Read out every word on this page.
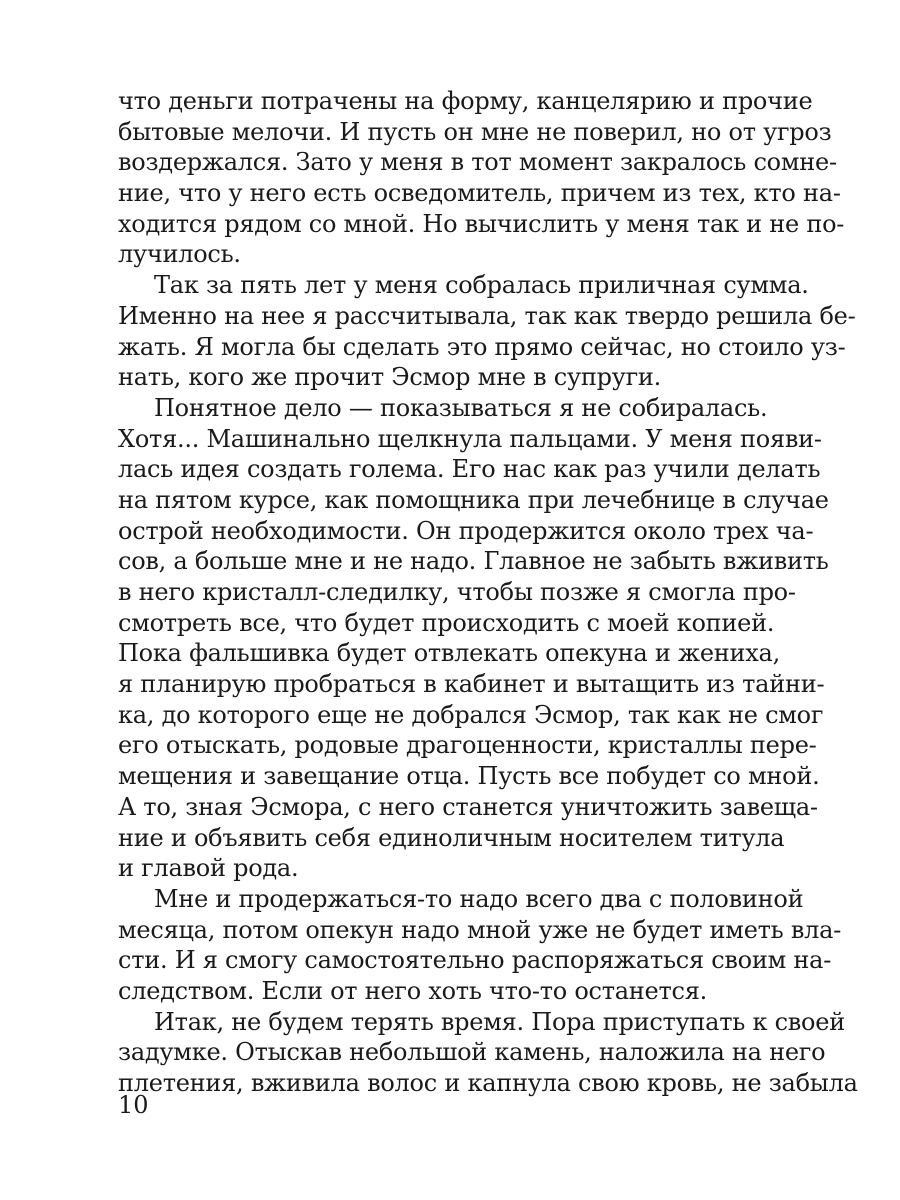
что деньги потрачены на форму, канцелярию и прочие
бытовые мелочи. И пусть он мне не поверил, но от угроз
воздержался. Зато у меня в тот момент закралось сомне-
ние, что у него есть осведомитель, причем из тех, кто на-
ходится рядом со мной. Но вычислить у меня так и не по-
лучилось.
Так за пять лет у меня собралась приличная сумма.
Именно на нее я рассчитывала, так как твердо решила бе-
жать. Я могла бы сделать это прямо сейчас, но стоило уз-
нать, кого же прочит Эсмор мне в супруги.
Понятное дело — показываться я не собиралась.
Хотя... Машинально щелкнула пальцами. У меня появи-
лась идея создать голема. Его нас как раз учили делать
на пятом курсе, как помощника при лечебнице в случае
острой необходимости. Он продержится около трех ча-
сов, а больше мне и не надо. Главное не забыть вживить
в него кристалл-следилку, чтобы позже я смогла про-
смотреть все, что будет происходить с моей копией.
Пока фальшивка будет отвлекать опекуна и жениха,
я планирую пробраться в кабинет и вытащить из тайни-
ка, до которого еще не добрался Эсмор, так как не смог
его отыскать, родовые драгоценности, кристаллы пере-
мещения и завещание отца. Пусть все побудет со мной.
А то, зная Эсмора, с него станется уничтожить завеща-
ние и объявить себя единоличным носителем титула
и главой рода.
Мне и продержаться-то надо всего два с половиной
месяца, потом опекун надо мной уже не будет иметь вла-
сти. И я смогу самостоятельно распоряжаться своим на-
следством. Если от него хоть что-то останется.
Итак, не будем терять время. Пора приступать к своей
задумке. Отыскав небольшой камень, наложила на него
плетения, вживила волос и капнула свою кровь, не забыла
10
